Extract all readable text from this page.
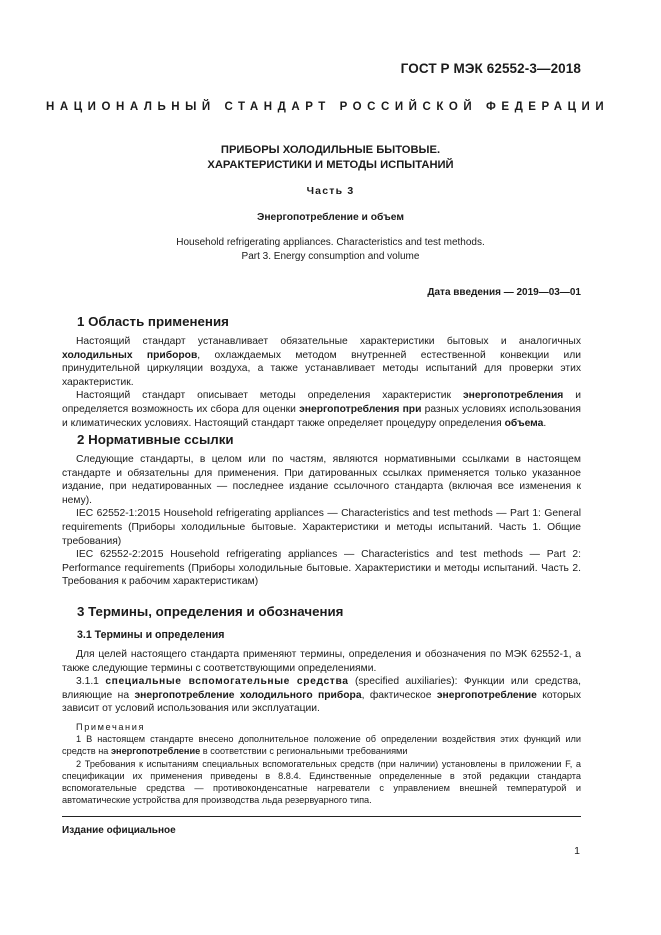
ГОСТ Р МЭК 62552-3—2018
НАЦИОНАЛЬНЫЙ СТАНДАРТ РОССИЙСКОЙ ФЕДЕРАЦИИ
ПРИБОРЫ ХОЛОДИЛЬНЫЕ БЫТОВЫЕ.
ХАРАКТЕРИСТИКИ И МЕТОДЫ ИСПЫТАНИЙ
Часть 3
Энергопотребление и объем
Household refrigerating appliances. Characteristics and test methods.
Part 3. Energy consumption and volume
Дата введения — 2019—03—01
1 Область применения

Настоящий стандарт устанавливает обязательные характеристики бытовых и аналогичных холодильных приборов, охлаждаемых методом внутренней естественной конвекции или принудительной циркуляции воздуха, а также устанавливает методы испытаний для проверки этих характеристик.

Настоящий стандарт описывает методы определения характеристик энергопотребления и определяется возможность их сбора для оценки энергопотребления при разных условиях использования и климатических условиях. Настоящий стандарт также определяет процедуру определения объема.

2 Нормативные ссылки

Следующие стандарты, в целом или по частям, являются нормативными ссылками в настоящем стандарте и обязательны для применения. При датированных ссылках применяется только указанное издание, при недатированных — последнее издание ссылочного стандарта (включая все изменения к нему).

IEC 62552-1:2015 Household refrigerating appliances — Characteristics and test methods — Part 1: General requirements (Приборы холодильные бытовые. Характеристики и методы испытаний. Часть 1. Общие требования)

IEC 62552-2:2015 Household refrigerating appliances — Characteristics and test methods — Part 2: Performance requirements (Приборы холодильные бытовые. Характеристики и методы испытаний. Часть 2. Требования к рабочим характеристикам)

3 Термины, определения и обозначения
3.1 Термины и определения

Для целей настоящего стандарта применяют термины, определения и обозначения по МЭК 62552-1, а также следующие термины с соответствующими определениями.

3.1.1 специальные вспомогательные средства (specified auxiliaries): Функции или средства, влияющие на энергопотребление холодильного прибора, фактическое энергопотребление которых зависит от условий использования или эксплуатации.

Примечания

1 В настоящем стандарте внесено дополнительное положение об определении воздействия этих функций или средств на энергопотребление в соответствии с региональными требованиями

2 Требования к испытаниям специальных вспомогательных средств (при наличии) установлены в приложении F, а спецификации их применения приведены в 8.8.4. Единственные определенные в этой редакции стандарта вспомогательные средства — противоконденсатные нагреватели с управлением внешней температурой и автоматические устройства для производства льда резервуарного типа.

Издание официальное
1
